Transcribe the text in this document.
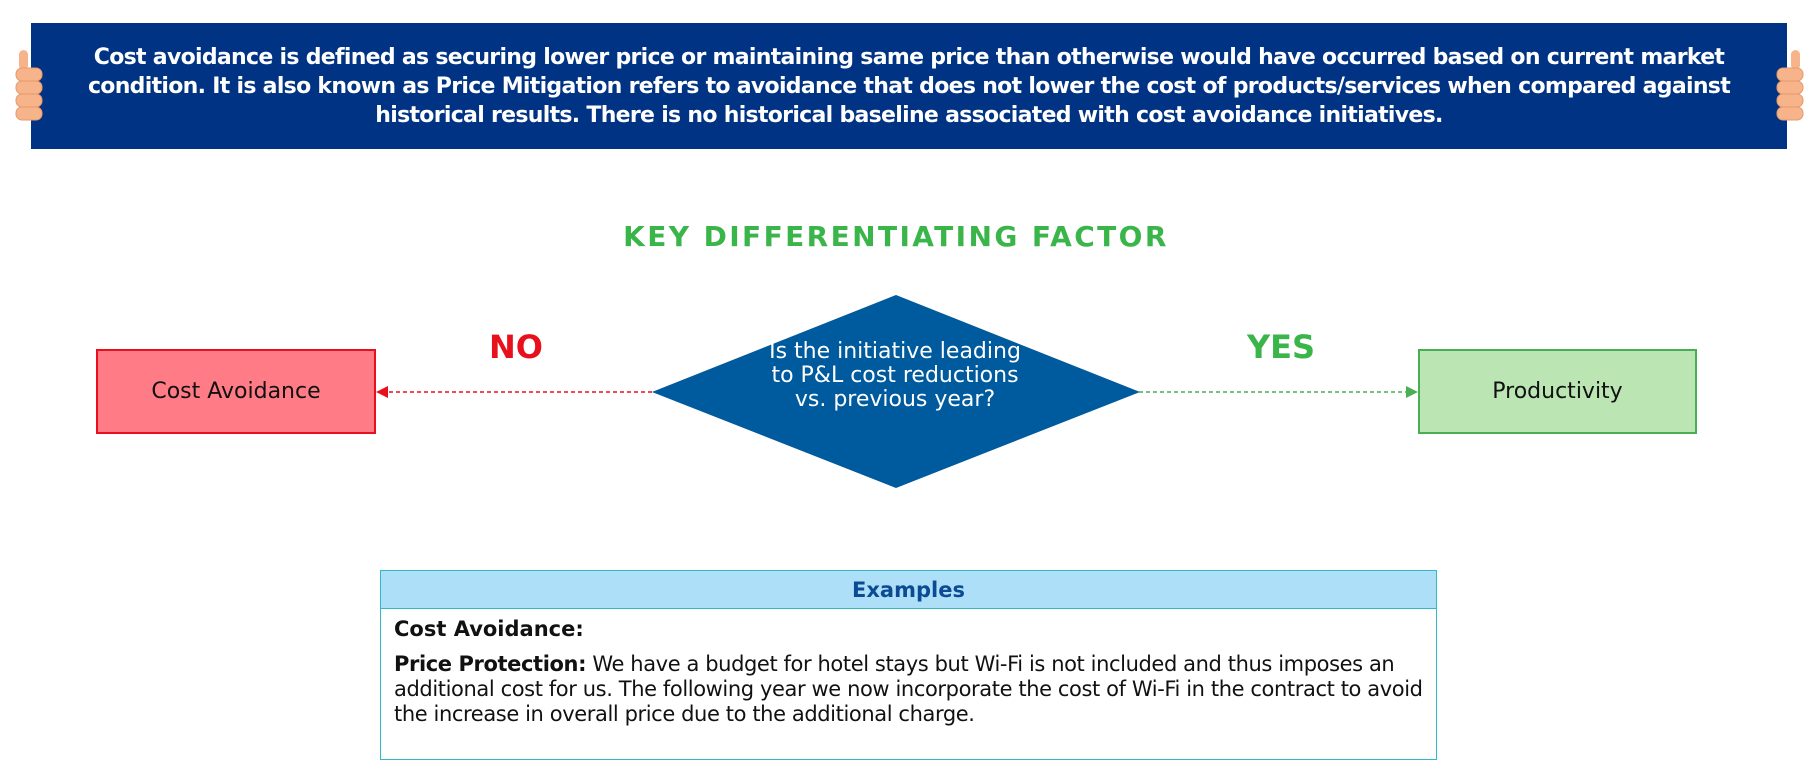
Cost avoidance is defined as securing lower price or maintaining same price than otherwise would have occurred based on current market condition. It is also known as Price Mitigation refers to avoidance that does not lower the cost of products/services when compared against historical results. There is no historical baseline associated with cost avoidance initiatives.
KEY DIFFERENTIATING FACTOR
Is the initiative leading to P&L cost reductions vs. previous year?
NO	YES
Cost Avoidance	Productivity
Examples

Cost Avoidance:

Price Protection: We have a budget for hotel stays but Wi-Fi is not included and thus imposes an additional cost for us. The following year we now incorporate the cost of Wi-Fi in the contract to avoid the increase in overall price due to the additional charge.
